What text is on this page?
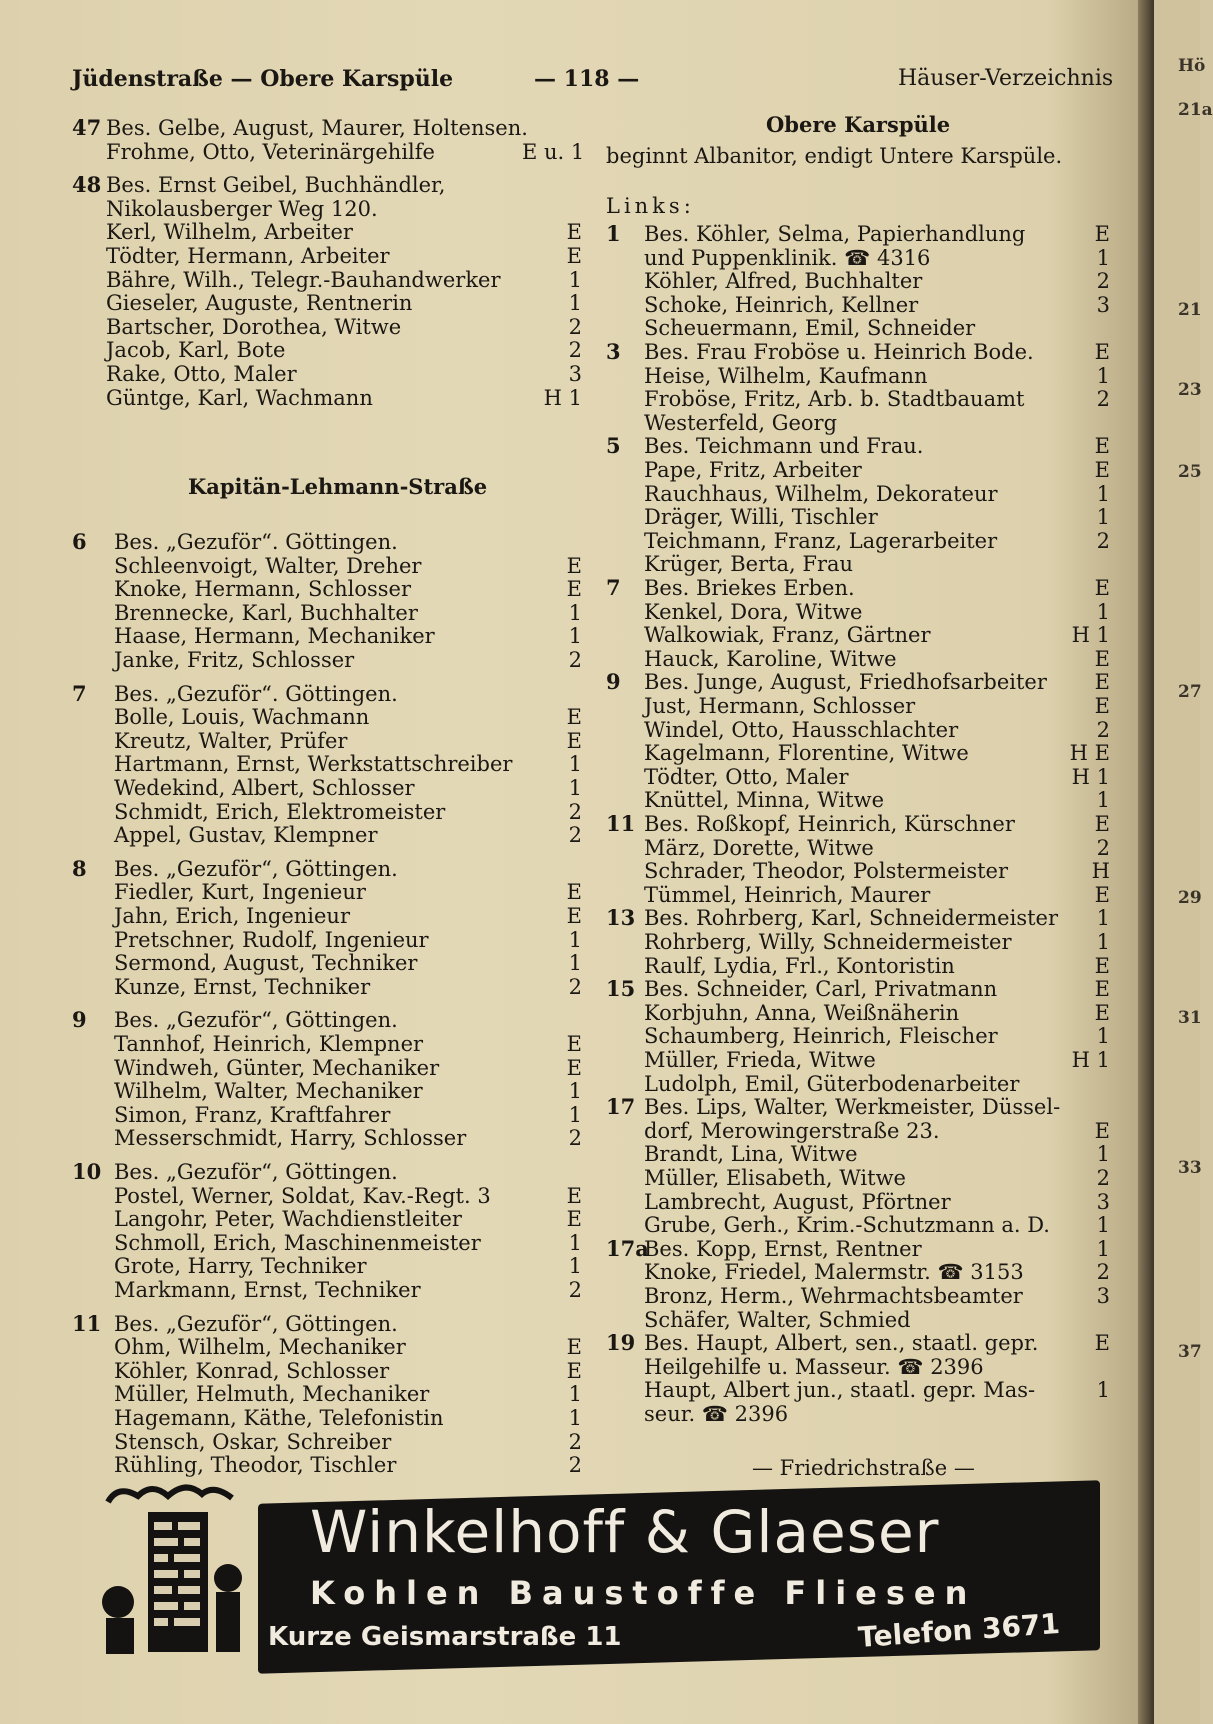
Hö
21a
21
23
25
27
29
31
33
37
Jüdenstraße — Obere Karspüle	— 118 —	Häuser-Verzeichnis
47 Bes. Gelbe, August, Maurer, Holtensen.
Frohme, Otto, Veterinärgehilfe	E u. 1
48 Bes. Ernst Geibel, Buchhändler,
Nikolausberger Weg 120.
Kerl, Wilhelm, Arbeiter	E
Tödter, Hermann, Arbeiter	E
Bähre, Wilh., Telegr.-Bauhandwerker	1
Gieseler, Auguste, Rentnerin	1
Bartscher, Dorothea, Witwe	2
Jacob, Karl, Bote	2
Rake, Otto, Maler	3
Güntge, Karl, Wachmann	H 1
Kapitän-Lehmann-Straße
6 Bes. „Gezuför“. Göttingen.
Schleenvoigt, Walter, Dreher	E
Knoke, Hermann, Schlosser	E
Brennecke, Karl, Buchhalter	1
Haase, Hermann, Mechaniker	1
Janke, Fritz, Schlosser	2
7 Bes. „Gezuför“. Göttingen.
Bolle, Louis, Wachmann	E
Kreutz, Walter, Prüfer	E
Hartmann, Ernst, Werkstattschreiber	1
Wedekind, Albert, Schlosser	1
Schmidt, Erich, Elektromeister	2
Appel, Gustav, Klempner	2
8 Bes. „Gezuför“, Göttingen.
Fiedler, Kurt, Ingenieur	E
Jahn, Erich, Ingenieur	E
Pretschner, Rudolf, Ingenieur	1
Sermond, August, Techniker	1
Kunze, Ernst, Techniker	2
9 Bes. „Gezuför“, Göttingen.
Tannhof, Heinrich, Klempner	E
Windweh, Günter, Mechaniker	E
Wilhelm, Walter, Mechaniker	1
Simon, Franz, Kraftfahrer	1
Messerschmidt, Harry, Schlosser	2
10 Bes. „Gezuför“, Göttingen.
Postel, Werner, Soldat, Kav.-Regt. 3	E
Langohr, Peter, Wachdienstleiter	E
Schmoll, Erich, Maschinenmeister	1
Grote, Harry, Techniker	1
Markmann, Ernst, Techniker	2
11 Bes. „Gezuför“, Göttingen.
Ohm, Wilhelm, Mechaniker	E
Köhler, Konrad, Schlosser	E
Müller, Helmuth, Mechaniker	1
Hagemann, Käthe, Telefonistin	1
Stensch, Oskar, Schreiber	2
Rühling, Theodor, Tischler	2
Obere Karspüle
beginnt Albanitor, endigt Untere Karspüle.
Links:
1 Bes. Köhler, Selma, Papierhandlung	E
und Puppenklinik. ☎ 4316	1
Köhler, Alfred, Buchhalter	2
Schoke, Heinrich, Kellner	3
Scheuermann, Emil, Schneider
3 Bes. Frau Froböse u. Heinrich Bode.	E
Heise, Wilhelm, Kaufmann	1
Froböse, Fritz, Arb. b. Stadtbauamt	2
Westerfeld, Georg
5 Bes. Teichmann und Frau.	E
Pape, Fritz, Arbeiter	E
Rauchhaus, Wilhelm, Dekorateur	1
Dräger, Willi, Tischler	1
Teichmann, Franz, Lagerarbeiter	2
Krüger, Berta, Frau
7 Bes. Briekes Erben.	E
Kenkel, Dora, Witwe	1
Walkowiak, Franz, Gärtner	H 1
Hauck, Karoline, Witwe	E
9 Bes. Junge, August, Friedhofsarbeiter	E
Just, Hermann, Schlosser	E
Windel, Otto, Hausschlachter	2
Kagelmann, Florentine, Witwe	H E
Tödter, Otto, Maler	H 1
Knüttel, Minna, Witwe	1
11 Bes. Roßkopf, Heinrich, Kürschner	E
März, Dorette, Witwe	2
Schrader, Theodor, Polstermeister	H
Tümmel, Heinrich, Maurer	E
13 Bes. Rohrberg, Karl, Schneidermeister	1
Rohrberg, Willy, Schneidermeister	1
Raulf, Lydia, Frl., Kontoristin	E
15 Bes. Schneider, Carl, Privatmann	E
Korbjuhn, Anna, Weißnäherin	E
Schaumberg, Heinrich, Fleischer	1
Müller, Frieda, Witwe	H 1
Ludolph, Emil, Güterbodenarbeiter
17 Bes. Lips, Walter, Werkmeister, Düssel-
dorf, Merowingerstraße 23.	E
Brandt, Lina, Witwe	1
Müller, Elisabeth, Witwe	2
Lambrecht, August, Pförtner	3
Grube, Gerh., Krim.-Schutzmann a. D.	1
17a
Bes. Kopp, Ernst, Rentner	1
Knoke, Friedel, Malermstr. ☎ 3153	2
Bronz, Herm., Wehrmachtsbeamter	3
Schäfer, Walter, Schmied
19 Bes. Haupt, Albert, sen., staatl. gepr.	E
Heilgehilfe u. Masseur. ☎ 2396
Haupt, Albert jun., staatl. gepr. Mas-	1
seur. ☎ 2396
— Friedrichstraße —
Winkelhoff & Glaeser
Kohlen Baustoffe Fliesen
Kurze Geismarstraße 11	Telefon 3671
